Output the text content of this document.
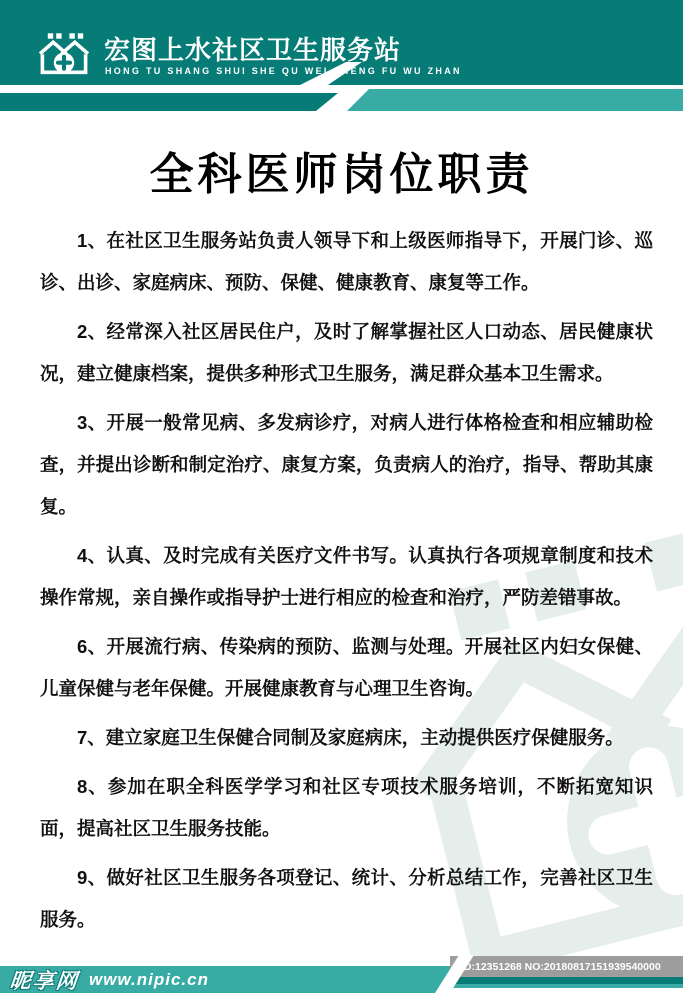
宏图上水社区卫生服务站
HONG TU SHANG SHUI SHE QU WEI SHENG FU WU ZHAN
全科医师岗位职责

1、在社区卫生服务站负责人领导下和上级医师指导下，开展门诊、巡诊、出诊、家庭病床、预防、保健、健康教育、康复等工作。

2、经常深入社区居民住户，及时了解掌握社区人口动态、居民健康状况，建立健康档案，提供多种形式卫生服务，满足群众基本卫生需求。

3、开展一般常见病、多发病诊疗，对病人进行体格检查和相应辅助检查，并提出诊断和制定治疗、康复方案，负责病人的治疗，指导、帮助其康复。

4、认真、及时完成有关医疗文件书写。认真执行各项规章制度和技术操作常规，亲自操作或指导护士进行相应的检查和治疗，严防差错事故。

6、开展流行病、传染病的预防、监测与处理。开展社区内妇女保健、儿童保健与老年保健。开展健康教育与心理卫生咨询。

7、建立家庭卫生保健合同制及家庭病床，主动提供医疗保健服务。

8、参加在职全科医学学习和社区专项技术服务培训，不断拓宽知识面，提高社区卫生服务技能。

9、做好社区卫生服务各项登记、统计、分析总结工作，完善社区卫生服务。

昵享网 www.nipic.cn
ID:12351268 NO:20180817151939540000
